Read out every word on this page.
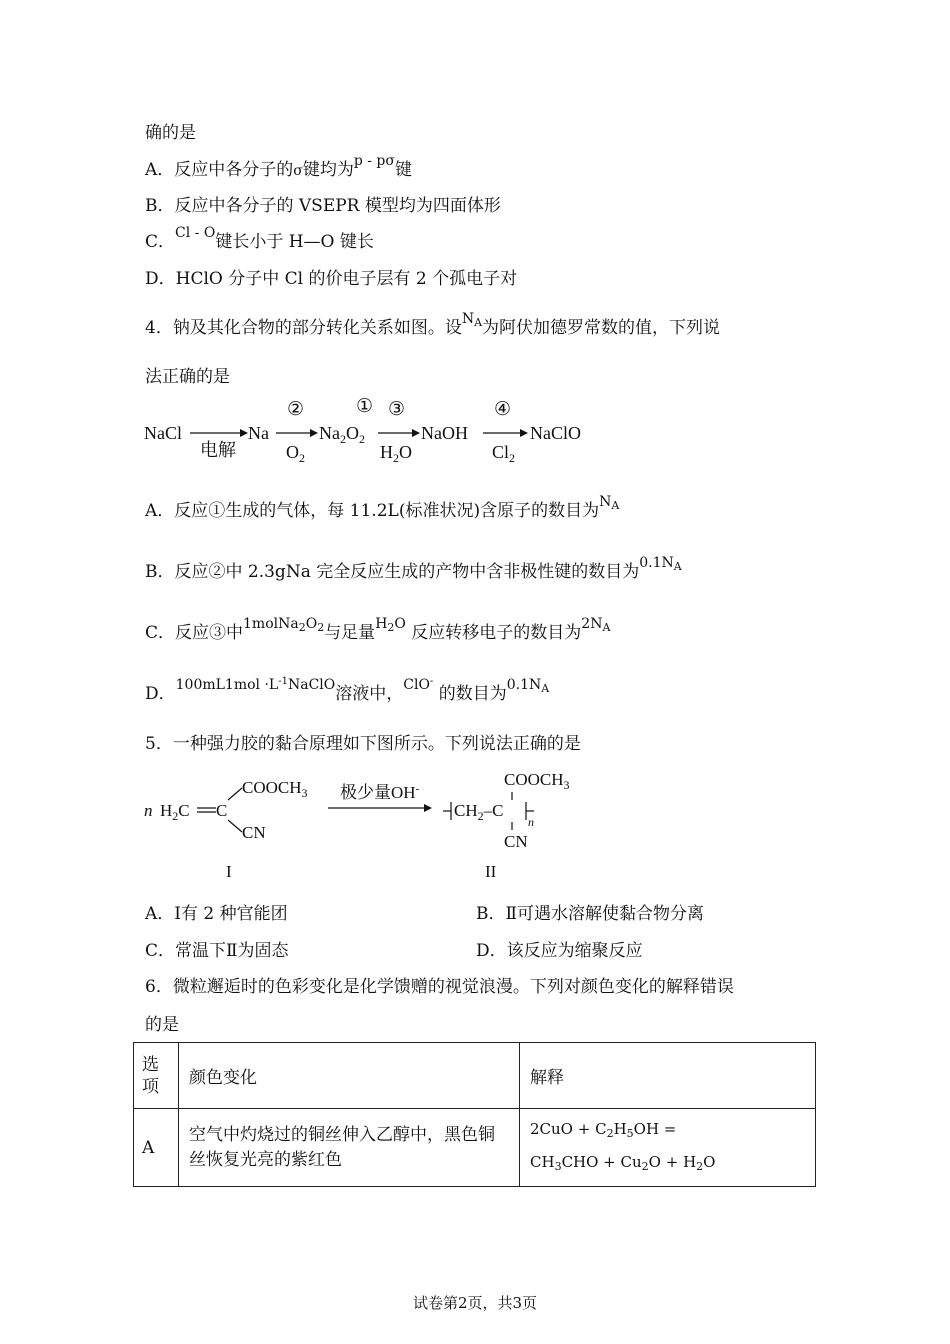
确的是
A．反应中各分子的σ键均为$^{p - p\sigma}$键
B．反应中各分子的 VSEPR 模型均为四面体形
C．$^{Cl - O}$键长小于 H—O 键长
D．HClO 分子中 Cl 的价电子层有 2 个孤电子对
4．钠及其化合物的部分转化关系如图。设$^{N_A}$为阿伏加德罗常数的值，下列说
法正确的是
NaCl
①
电解
Na
②
$O_2$
$Na_2O_2$
③
$H_2O$
NaOH
④
$Cl_2$
NaClO
A．反应①生成的气体，每 11.2L(标准状况)含原子的数目为$^{N_A}$
B．反应②中 2.3gNa 完全反应生成的产物中含非极性键的数目为$^{0.1N_A}$
C．反应③中$^{1molNa_2O_2}$与足量$^{H_2O}$ 反应转移电子的数目为$^{2N_A}$
D．$^{100mL1mol \cdot L^{-1}NaClO}$溶液中，$^{ClO^-}$ 的数目为$^{0.1N_A}$
5．一种强力胶的黏合原理如下图所示。下列说法正确的是
n $H_2C$ C
$COOCH_3$
CN
极少量OH-
$CH_2-C$
n
$COOCH_3$
CN
I	II
A．Ⅰ有 2 种官能团	B．Ⅱ可遇水溶解使黏合物分离
C．常温下Ⅱ为固态	D．该反应为缩聚反应
6．微粒邂逅时的色彩变化是化学馈赠的视觉浪漫。下列对颜色变化的解释错误
的是
选项	颜色变化	解释
A	空气中灼烧过的铜丝伸入乙醇中，黑色铜丝恢复光亮的紫红色	$2CuO + C_2H_5OH$ =
$CH_3CHO + Cu_2O + H_2O$
试卷第2页，共3页
